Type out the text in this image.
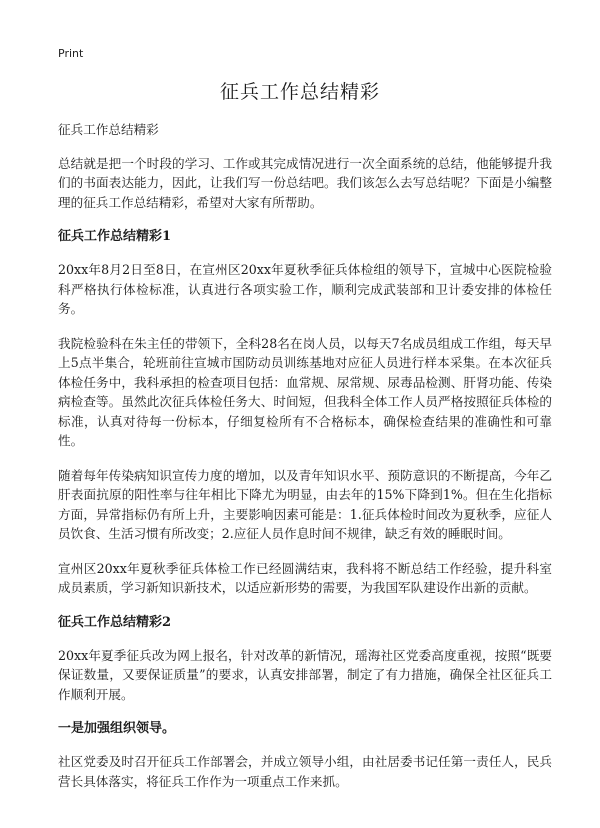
Print
征兵工作总结精彩

征兵工作总结精彩

总结就是把一个时段的学习、工作或其完成情况进行一次全面系统的总结，他能够提升我们的书面表达能力，因此，让我们写一份总结吧。我们该怎么去写总结呢？下面是小编整理的征兵工作总结精彩，希望对大家有所帮助。

征兵工作总结精彩1

20xx年8月2日至8日，在宣州区20xx年夏秋季征兵体检组的领导下，宣城中心医院检验科严格执行体检标准，认真进行各项实验工作，顺利完成武装部和卫计委安排的体检任务。

我院检验科在朱主任的带领下，全科28名在岗人员，以每天7名成员组成工作组，每天早上5点半集合，轮班前往宣城市国防动员训练基地对应征人员进行样本采集。在本次征兵体检任务中，我科承担的检查项目包括：血常规、尿常规、尿毒品检测、肝肾功能、传染病检查等。虽然此次征兵体检任务大、时间短，但我科全体工作人员严格按照征兵体检的标准，认真对待每一份标本，仔细复检所有不合格标本，确保检查结果的准确性和可靠性。

随着每年传染病知识宣传力度的增加，以及青年知识水平、预防意识的不断提高，今年乙肝表面抗原的阳性率与往年相比下降尤为明显，由去年的15%下降到1%。但在生化指标方面，异常指标仍有所上升，主要影响因素可能是：1.征兵体检时间改为夏秋季，应征人员饮食、生活习惯有所改变；2.应征人员作息时间不规律，缺乏有效的睡眠时间。

宣州区20xx年夏秋季征兵体检工作已经圆满结束，我科将不断总结工作经验，提升科室成员素质，学习新知识新技术，以适应新形势的需要，为我国军队建设作出新的贡献。

征兵工作总结精彩2

20xx年夏季征兵改为网上报名，针对改革的新情况，瑶海社区党委高度重视，按照“既要保证数量，又要保证质量”的要求，认真安排部署，制定了有力措施，确保全社区征兵工作顺利开展。

一是加强组织领导。

社区党委及时召开征兵工作部署会，并成立领导小组，由社居委书记任第一责任人，民兵营长具体落实，将征兵工作作为一项重点工作来抓。
